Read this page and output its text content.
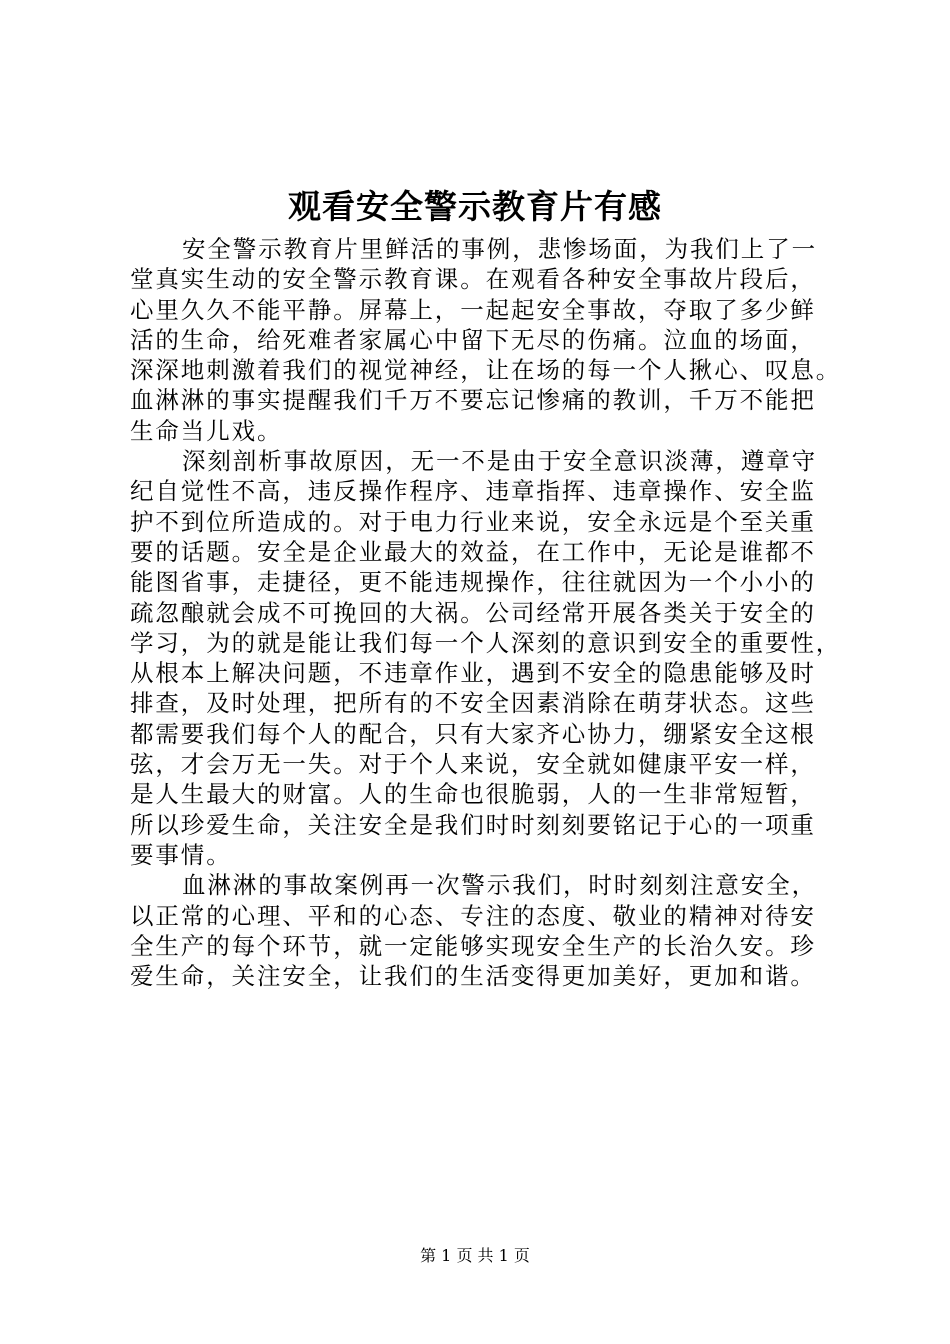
观看安全警示教育片有感
安全警示教育片里鲜活的事例，悲惨场面，为我们上了一
堂真实生动的安全警示教育课。在观看各种安全事故片段后，
心里久久不能平静。屏幕上，一起起安全事故，夺取了多少鲜
活的生命，给死难者家属心中留下无尽的伤痛。泣血的场面，
深深地刺激着我们的视觉神经，让在场的每一个人揪心、叹息。
血淋淋的事实提醒我们千万不要忘记惨痛的教训，千万不能把
生命当儿戏。
深刻剖析事故原因，无一不是由于安全意识淡薄，遵章守
纪自觉性不高，违反操作程序、违章指挥、违章操作、安全监
护不到位所造成的。对于电力行业来说，安全永远是个至关重
要的话题。安全是企业最大的效益，在工作中，无论是谁都不
能图省事，走捷径，更不能违规操作，往往就因为一个小小的
疏忽酿就会成不可挽回的大祸。公司经常开展各类关于安全的
学习，为的就是能让我们每一个人深刻的意识到安全的重要性，
从根本上解决问题，不违章作业，遇到不安全的隐患能够及时
排查，及时处理，把所有的不安全因素消除在萌芽状态。这些
都需要我们每个人的配合，只有大家齐心协力，绷紧安全这根
弦，才会万无一失。对于个人来说，安全就如健康平安一样，
是人生最大的财富。人的生命也很脆弱，人的一生非常短暂，
所以珍爱生命，关注安全是我们时时刻刻要铭记于心的一项重
要事情。
血淋淋的事故案例再一次警示我们，时时刻刻注意安全，
以正常的心理、平和的心态、专注的态度、敬业的精神对待安
全生产的每个环节，就一定能够实现安全生产的长治久安。珍
爱生命，关注安全，让我们的生活变得更加美好，更加和谐。
第 1 页 共 1 页
